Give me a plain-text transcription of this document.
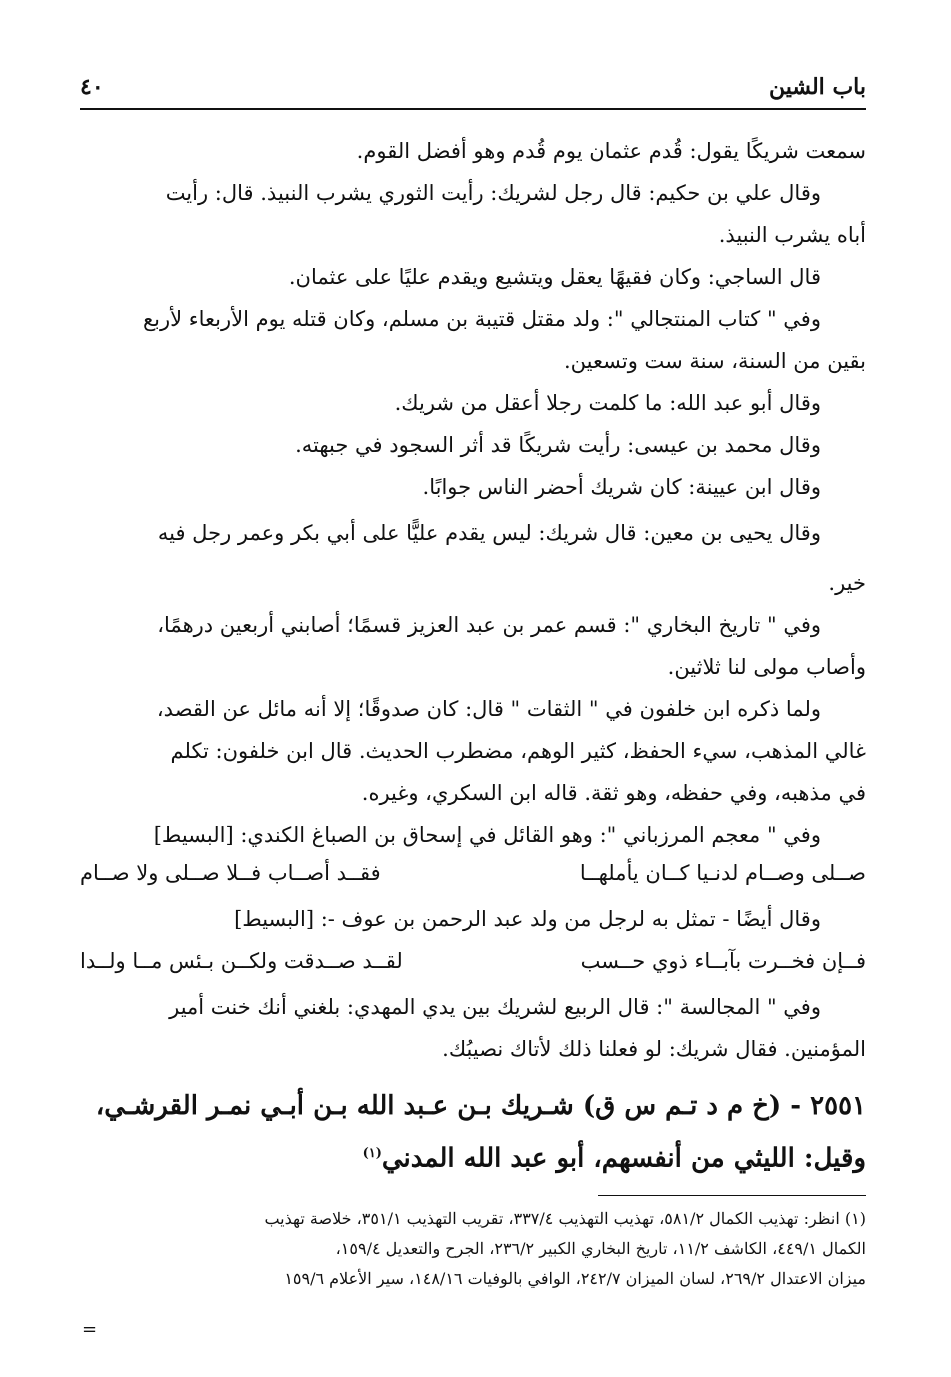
باب الشين
٤٠
سمعت شريكًا يقول: قُدم عثمان يوم قُدم وهو أفضل القوم.
وقال علي بن حكيم: قال رجل لشريك: رأيت الثوري يشرب النبيذ. قال: رأيت
أباه يشرب النبيذ.
قال الساجي: وكان فقيهًا يعقل ويتشيع ويقدم عليًا على عثمان.
وفي " كتاب المنتجالي ": ولد مقتل قتيبة بن مسلم، وكان قتله يوم الأربعاء لأربع
بقين من السنة، سنة ست وتسعين.
وقال أبو عبد الله: ما كلمت رجلا أعقل من شريك.
وقال محمد بن عيسى: رأيت شريكًا قد أثر السجود في جبهته.
وقال ابن عيينة: كان شريك أحضر الناس جوابًا.
وقال يحيى بن معين: قال شريك: ليس يقدم عليًّا على أبي بكر وعمر رجل فيه
خير.
وفي " تاريخ البخاري ": قسم عمر بن عبد العزيز قسمًا؛ أصابني أربعين درهمًا،
وأصاب مولى لنا ثلاثين.
ولما ذكره ابن خلفون في " الثقات " قال: كان صدوقًا؛ إلا أنه مائل عن القصد،
غالي المذهب، سيء الحفظ، كثير الوهم، مضطرب الحديث. قال ابن خلفون: تكلم
في مذهبه، وفي حفظه، وهو ثقة. قاله ابن السكري، وغيره.
وفي " معجم المرزباني ": وهو القائل في إسحاق بن الصباغ الكندي: [البسيط]
صــلى وصــام لدنـيا كــان يأملهــا
فقــد أصــاب فــلا صــلى ولا صــام
وقال أيضًا - تمثل به لرجل من ولد عبد الرحمن بن عوف -: [البسيط]
فــإن فخــرت بآبــاء ذوي حــسب
لقــد صــدقت ولكــن بـئس مــا ولــدا
وفي " المجالسة ": قال الربيع لشريك بين يدي المهدي: بلغني أنك خنت أمير
المؤمنين. فقال شريك: لو فعلنا ذلك لأتاك نصيبُك.
٢٥٥١ - (خ م د تـم س ق) شـريك بـن عـبد الله بـن أبـي نمـر القرشـي،
وقيل: الليثي من أنفسهم، أبو عبد الله المدني$^{(١)}$
(١) انظر: تهذيب الكمال ٥٨١/٢، تهذيب التهذيب ٣٣٧/٤، تقريب التهذيب ٣٥١/١، خلاصة تهذيب
الكمال ٤٤٩/١، الكاشف ١١/٢، تاريخ البخاري الكبير ٢٣٦/٢، الجرح والتعديل ١٥٩/٤،
ميزان الاعتدال ٢٦٩/٢، لسان الميزان ٢٤٢/٧، الوافي بالوفيات ١٤٨/١٦، سير الأعلام ١٥٩/٦
=
